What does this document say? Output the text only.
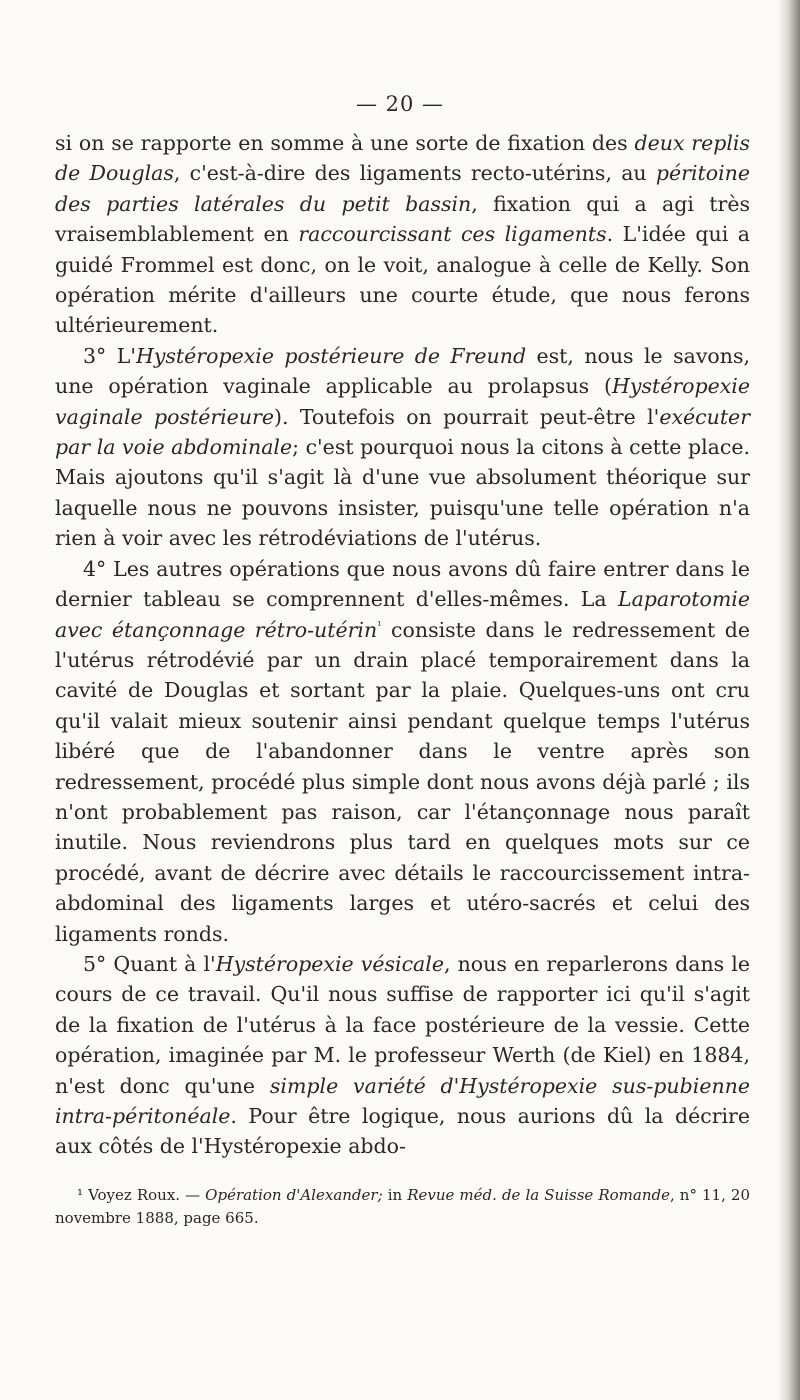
— 20 —

si on se rapporte en somme à une sorte de fixation des deux replis de Douglas, c'est-à-dire des ligaments recto-utérins, au péritoine des parties latérales du petit bassin, fixation qui a agi très vraisemblablement en raccourcissant ces ligaments. L'idée qui a guidé Frommel est donc, on le voit, analogue à celle de Kelly. Son opération mérite d'ailleurs une courte étude, que nous ferons ultérieurement.

3° L'Hystéropexie postérieure de Freund est, nous le savons, une opération vaginale applicable au prolapsus (Hystéropexie vaginale postérieure). Toutefois on pourrait peut-être l'exécuter par la voie abdominale; c'est pourquoi nous la citons à cette place. Mais ajoutons qu'il s'agit là d'une vue absolument théorique sur laquelle nous ne pouvons insister, puisqu'une telle opération n'a rien à voir avec les rétrodéviations de l'utérus.

4° Les autres opérations que nous avons dû faire entrer dans le dernier tableau se comprennent d'elles-mêmes. La Laparotomie avec étançonnage rétro-utérin$^{^1}$ consiste dans le redressement de l'utérus rétrodévié par un drain placé temporairement dans la cavité de Douglas et sortant par la plaie. Quelques-uns ont cru qu'il valait mieux soutenir ainsi pendant quelque temps l'utérus libéré que de l'abandonner dans le ventre après son redressement, procédé plus simple dont nous avons déjà parlé ; ils n'ont probablement pas raison, car l'étançonnage nous paraît inutile. Nous reviendrons plus tard en quelques mots sur ce procédé, avant de décrire avec détails le raccourcissement intra-abdominal des ligaments larges et utéro-sacrés et celui des ligaments ronds.

5° Quant à l'Hystéropexie vésicale, nous en reparlerons dans le cours de ce travail. Qu'il nous suffise de rapporter ici qu'il s'agit de la fixation de l'utérus à la face postérieure de la vessie. Cette opération, imaginée par M. le professeur Werth (de Kiel) en 1884, n'est donc qu'une simple variété d'Hystéropexie sus-pubienne intra-péritonéale. Pour être logique, nous aurions dû la décrire aux côtés de l'Hystéropexie abdo-

¹ Voyez Roux. — Opération d'Alexander; in Revue méd. de la Suisse Romande, n° 11, 20 novembre 1888, page 665.
